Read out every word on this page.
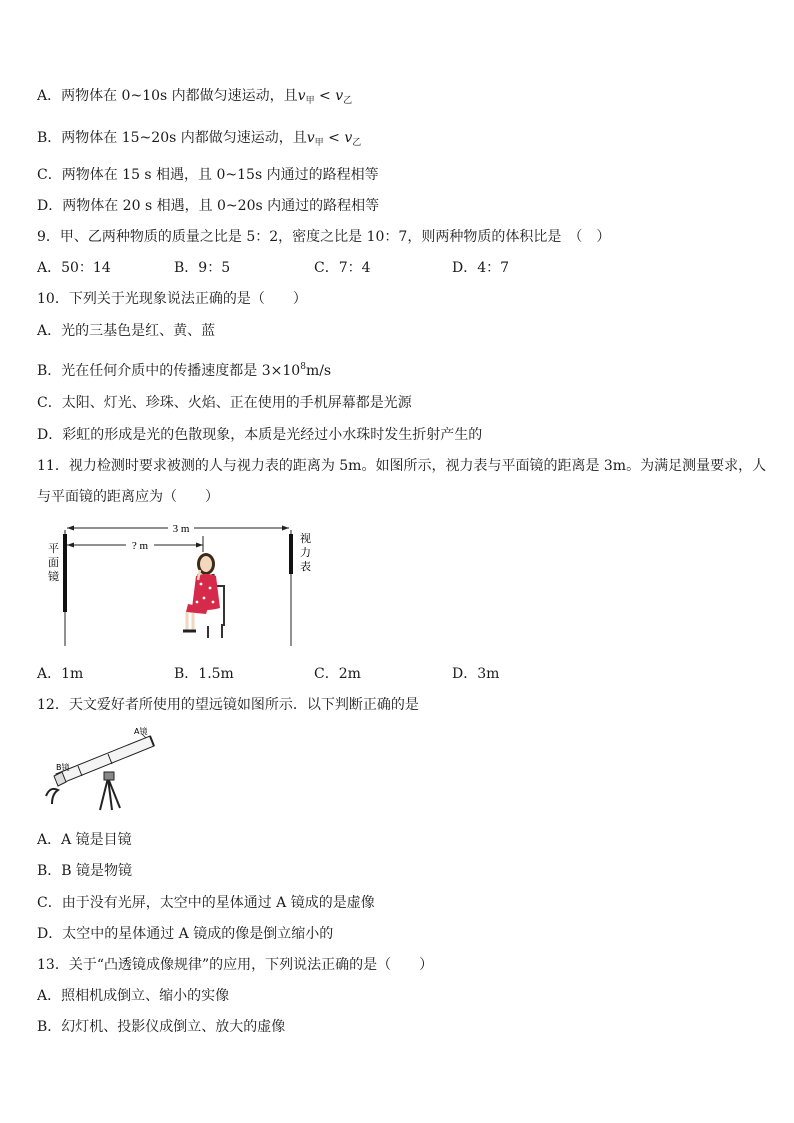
A．两物体在 0~10s 内都做匀速运动，且$v_甲 < v_乙$
B．两物体在 15~20s 内都做匀速运动，且$v_甲 < v_乙$
C．两物体在 15 s 相遇，且 0~15s 内通过的路程相等
D．两物体在 20 s 相遇，且 0~20s 内通过的路程相等
9．甲、乙两种物质的质量之比是 5：2，密度之比是 10：7，则两种物质的体积比是　（　）
A．50：14	B．9：5	C．7：4	D．4：7
10．下列关于光现象说法正确的是（　　）
A．光的三基色是红、黄、蓝
B．光在任何介质中的传播速度都是 $3\times 10^8m/s$
C．太阳、灯光、珍珠、火焰、正在使用的手机屏幕都是光源
D．彩虹的形成是光的色散现象，本质是光经过小水珠时发生折射产生的
11．视力检测时要求被测的人与视力表的距离为 5m。如图所示，视力表与平面镜的距离是 3m。为满足测量要求，人
与平面镜的距离应为（　　）
3 m
? m
平
面
镜
视
力
表
A．1m	B．1.5m	C．2m	D．3m
12．天文爱好者所使用的望远镜如图所示．以下判断正确的是
A镜
B镜
A．A 镜是目镜
B．B 镜是物镜
C．由于没有光屏，太空中的星体通过 A 镜成的是虚像
D．太空中的星体通过 A 镜成的像是倒立缩小的
13．关于“凸透镜成像规律”的应用，下列说法正确的是（　　）
A．照相机成倒立、缩小的实像
B．幻灯机、投影仪成倒立、放大的虚像
